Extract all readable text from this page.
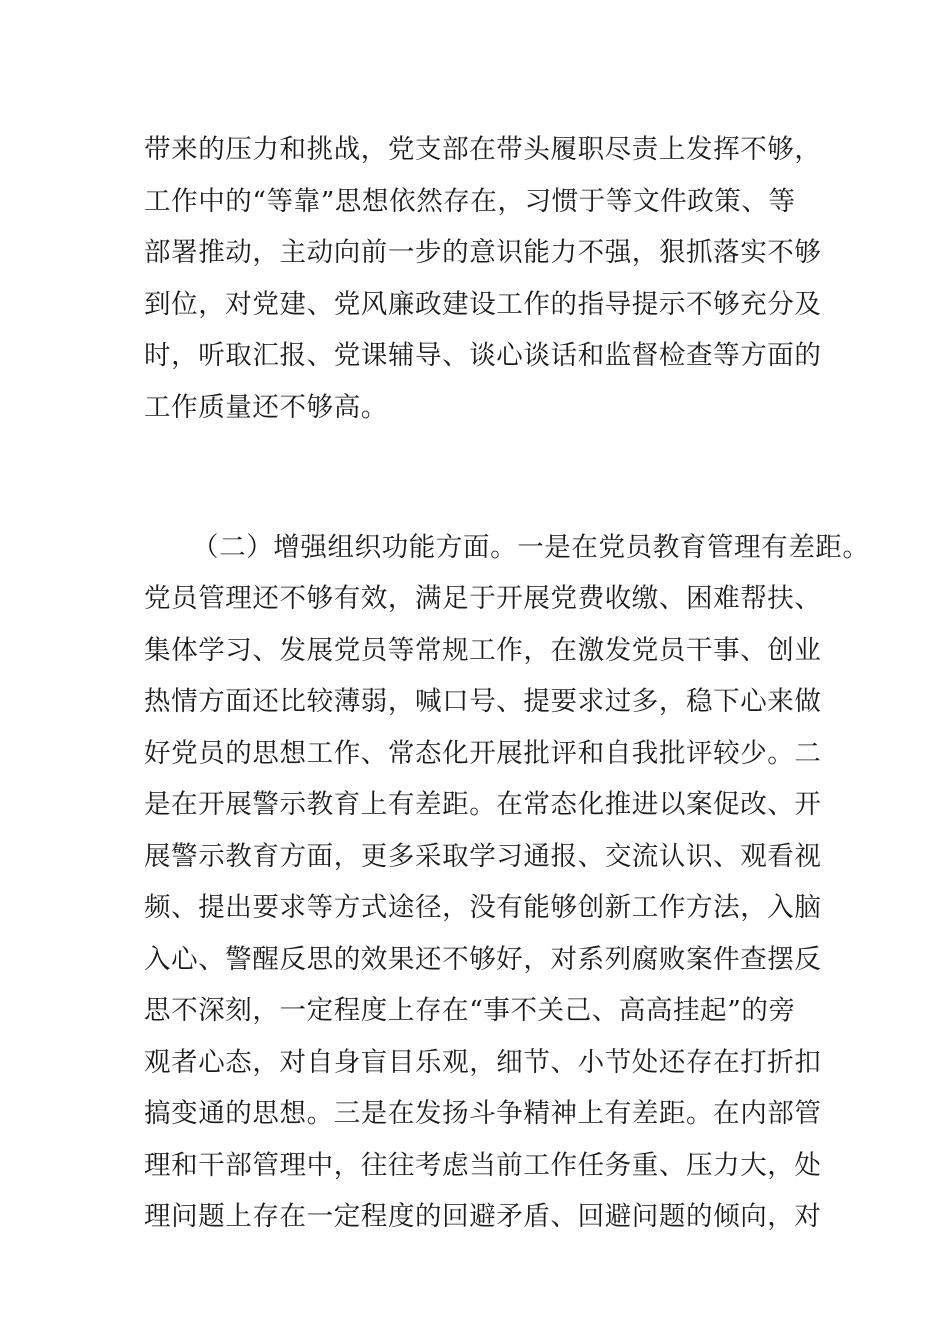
带来的压力和挑战，党支部在带头履职尽责上发挥不够，
工作中的“等靠”思想依然存在，习惯于等文件政策、等
部署推动，主动向前一步的意识能力不强，狠抓落实不够
到位，对党建、党风廉政建设工作的指导提示不够充分及
时，听取汇报、党课辅导、谈心谈话和监督检查等方面的
工作质量还不够高。
（二）增强组织功能方面。一是在党员教育管理有差距。
党员管理还不够有效，满足于开展党费收缴、困难帮扶、
集体学习、发展党员等常规工作，在激发党员干事、创业
热情方面还比较薄弱，喊口号、提要求过多，稳下心来做
好党员的思想工作、常态化开展批评和自我批评较少。二
是在开展警示教育上有差距。在常态化推进以案促改、开
展警示教育方面，更多采取学习通报、交流认识、观看视
频、提出要求等方式途径，没有能够创新工作方法，入脑
入心、警醒反思的效果还不够好，对系列腐败案件查摆反
思不深刻，一定程度上存在“事不关己、高高挂起”的旁
观者心态，对自身盲目乐观，细节、小节处还存在打折扣
搞变通的思想。三是在发扬斗争精神上有差距。在内部管
理和干部管理中，往往考虑当前工作任务重、压力大，处
理问题上存在一定程度的回避矛盾、回避问题的倾向，对
